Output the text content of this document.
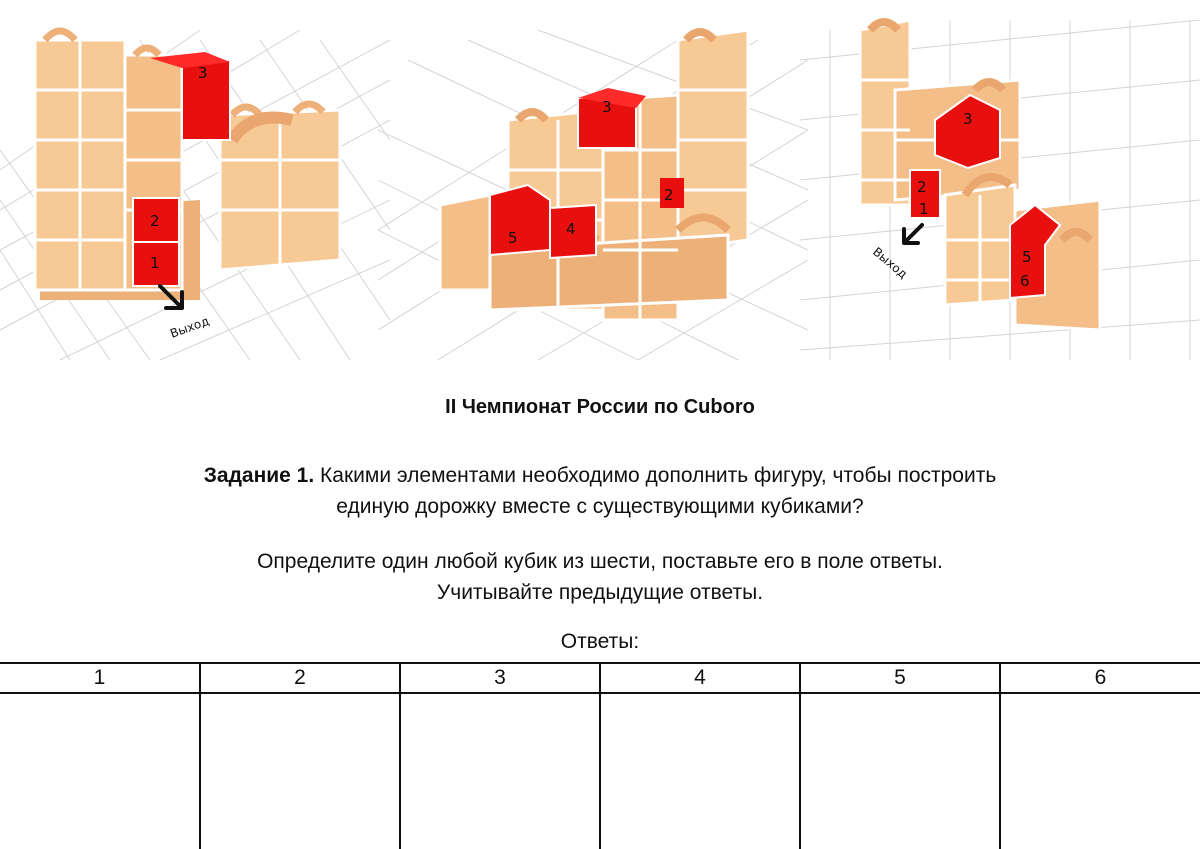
3
2
1
Выход
3
5	4
2
3
2
1
5
6
Выход
II Чемпионат России по Cuboro
Задание 1. Какими элементами необходимо дополнить фигуру, чтобы построить
единую дорожку вместе с существующими кубиками?
Определите один любой кубик из шести, поставьте его в поле ответы.
Учитывайте предыдущие ответы.
Ответы:
1	2	3	4	5	6
